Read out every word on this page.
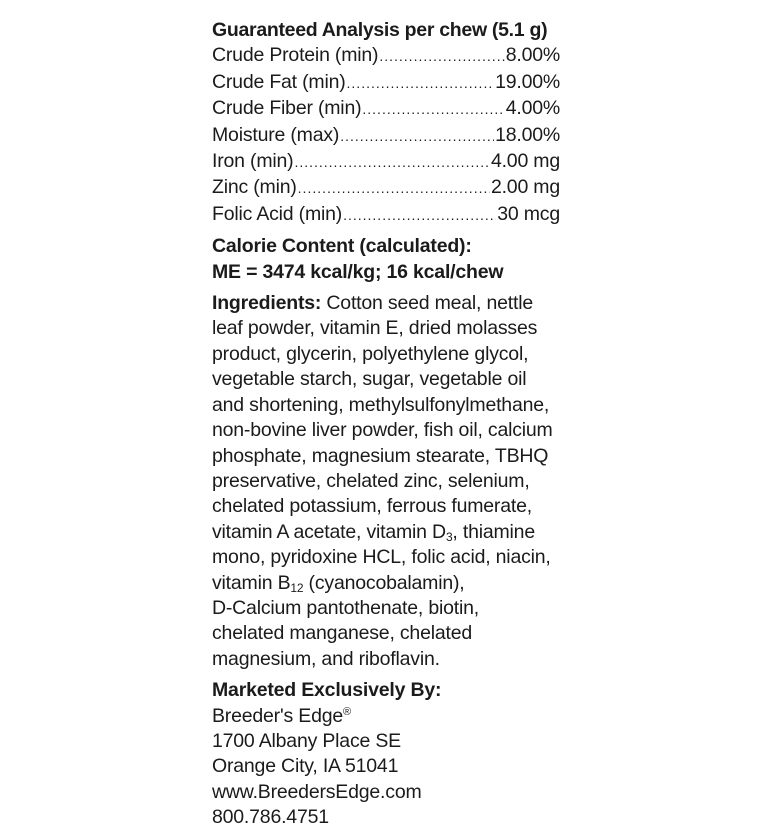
Guaranteed Analysis per chew (5.1 g)
Crude Protein (min) .....	8.00%
Crude Fat (min) .....	19.00%
Crude Fiber (min) .....	4.00%
Moisture (max) .....	18.00%
Iron (min) .....	4.00 mg
Zinc (min) .....	2.00 mg
Folic Acid (min) .....	30 mcg
Calorie Content (calculated):
ME = 3474 kcal/kg; 16 kcal/chew
Ingredients: Cotton seed meal, nettle
leaf powder, vitamin E, dried molasses
product, glycerin, polyethylene glycol,
vegetable starch, sugar, vegetable oil
and shortening, methylsulfonylmethane,
non-bovine liver powder, fish oil, calcium
phosphate, magnesium stearate, TBHQ
preservative, chelated zinc, selenium,
chelated potassium, ferrous fumerate,
vitamin A acetate, vitamin $D_3$, thiamine
mono, pyridoxine HCL, folic acid, niacin,
vitamin $B_{12}$ (cyanocobalamin),
D-Calcium pantothenate, biotin,
chelated manganese, chelated
magnesium, and riboflavin.
Marketed Exclusively By:
Breeder's Edge®
1700 Albany Place SE
Orange City, IA 51041
www.BreedersEdge.com
800.786.4751
